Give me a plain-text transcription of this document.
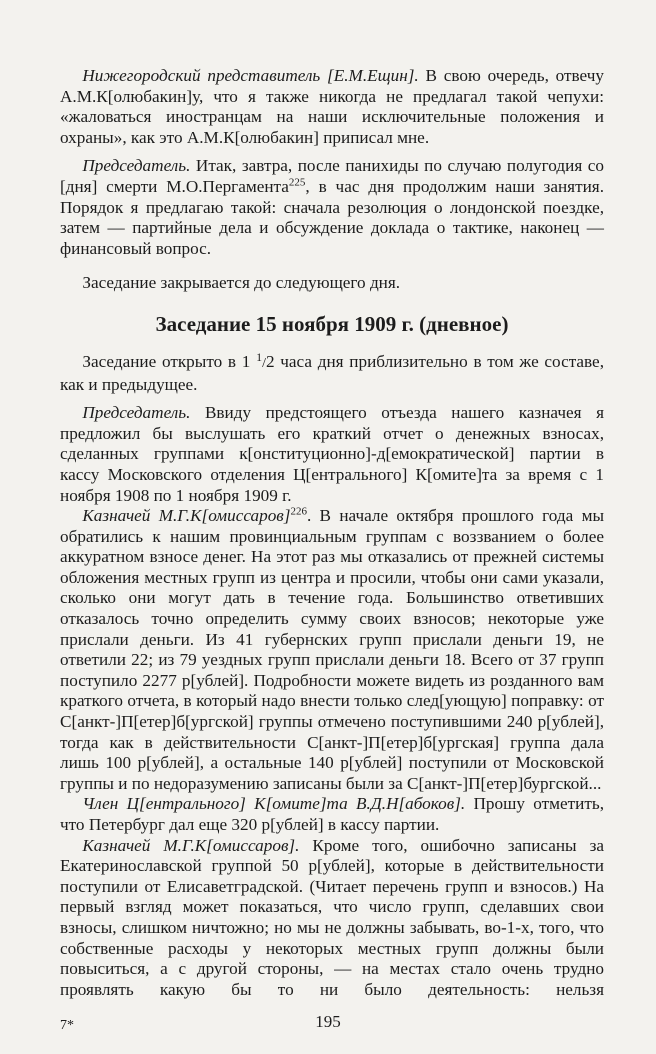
Нижегородский представитель [Е.М.Ещин]. В свою очередь, отвечу А.М.К[олюбакин]у, что я также никогда не предлагал такой чепухи: «жаловаться иностранцам на наши исключительные положения и охраны», как это А.М.К[олюбакин] приписал мне.

Председатель. Итак, завтра, после панихиды по случаю полугодия со [дня] смерти М.О.Пергамента$^{225}$, в час дня продолжим наши занятия. Порядок я предлагаю такой: сначала резолюция о лондонской поездке, затем — партийные дела и обсуждение доклада о тактике, наконец — финансовый вопрос.

Заседание закрывается до следующего дня.

Заседание 15 ноября 1909 г. (дневное)

Заседание открыто в 1 $^1$/2 часа дня приблизительно в том же составе, как и предыдущее.

Председатель. Ввиду предстоящего отъезда нашего казначея я предложил бы выслушать его краткий отчет о денежных взносах, сделанных группами к[онституционно]-д[емократической] партии в кассу Московского отделения Ц[ентрального] К[омите]та за время с 1 ноября 1908 по 1 ноября 1909 г.

Казначей М.Г.К[омиссаров]$^{226}$. В начале октября прошлого года мы обратились к нашим провинциальным группам с воззванием о более аккуратном взносе денег. На этот раз мы отказались от прежней системы обложения местных групп из центра и просили, чтобы они сами указали, сколько они могут дать в течение года. Большинство ответивших отказалось точно определить сумму своих взносов; некоторые уже прислали деньги. Из 41 губернских групп прислали деньги 19, не ответили 22; из 79 уездных групп прислали деньги 18. Всего от 37 групп поступило 2277 р[ублей]. Подробности можете видеть из розданного вам краткого отчета, в который надо внести только след[ующую] поправку: от С[анкт-]П[етер]б[ургской] группы отмечено поступившими 240 р[ублей], тогда как в действительности С[анкт-]П[етер]б[ургская] группа дала лишь 100 р[ублей], а остальные 140 р[ублей] поступили от Московской группы и по недоразумению записаны были за С[анкт-]П[етер]бургской...

Член Ц[ентрального] К[омите]та В.Д.Н[абоков]. Прошу отметить, что Петербург дал еще 320 р[ублей] в кассу партии.

Казначей М.Г.К[омиссаров]. Кроме того, ошибочно записаны за Екатеринославской группой 50 р[ублей], которые в действительности поступили от Елисаветградской. (Читает перечень групп и взносов.) На первый взгляд может показаться, что число групп, сделавших свои взносы, слишком ничтожно; но мы не должны забывать, во-1-х, того, что собственные расходы у некоторых местных групп должны были повыситься, а с другой стороны, — на местах стало очень трудно проявлять какую бы то ни было деятельность: нельзя

7*	195
